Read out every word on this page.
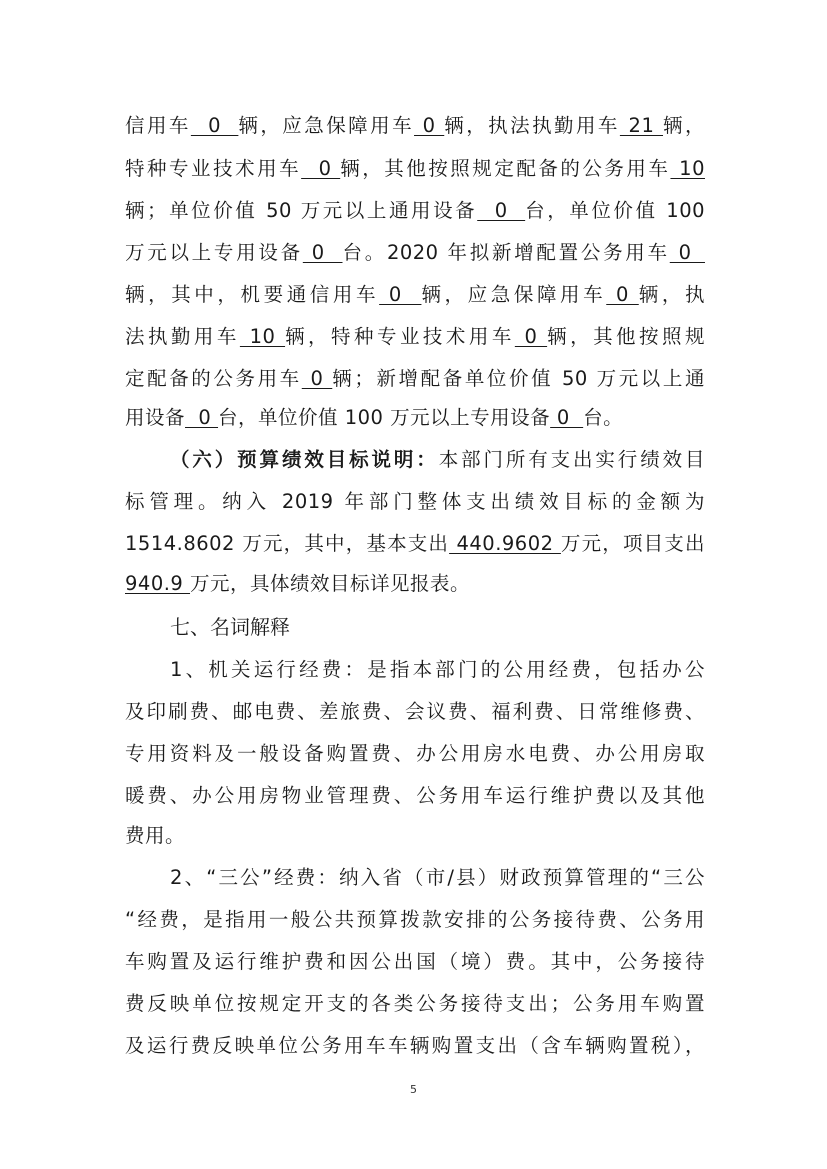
信用车  0  辆，应急保障用车 0 辆，执法执勤用车 21 辆，
特种专业技术用车  0 辆，其他按照规定配备的公务用车 10
辆；单位价值 50 万元以上通用设备  0  台，单位价值 100
万元以上专用设备 0  台。2020 年拟新增配置公务用车 0
辆，其中，机要通信用车 0  辆，应急保障用车 0 辆，执
法执勤用车 10 辆，特种专业技术用车 0 辆，其他按照规
定配备的公务用车 0 辆；新增配备单位价值 50 万元以上通
用设备  0 台，单位价值 100 万元以上专用设备 0  台。
（六）预算绩效目标说明：本部门所有支出实行绩效目
标管理。纳入 2019 年部门整体支出绩效目标的金额为
1514.8602 万元，其中，基本支出 440.9602 万元，项目支出
940.9 万元，具体绩效目标详见报表。
七、名词解释
1、机关运行经费：是指本部门的公用经费，包括办公
及印刷费、邮电费、差旅费、会议费、福利费、日常维修费、
专用资料及一般设备购置费、办公用房水电费、办公用房取
暖费、办公用房物业管理费、公务用车运行维护费以及其他
费用。
2、“三公”经费：纳入省（市/县）财政预算管理的“三公
“经费，是指用一般公共预算拨款安排的公务接待费、公务用
车购置及运行维护费和因公出国（境）费。其中，公务接待
费反映单位按规定开支的各类公务接待支出；公务用车购置
及运行费反映单位公务用车车辆购置支出（含车辆购置税），
5
